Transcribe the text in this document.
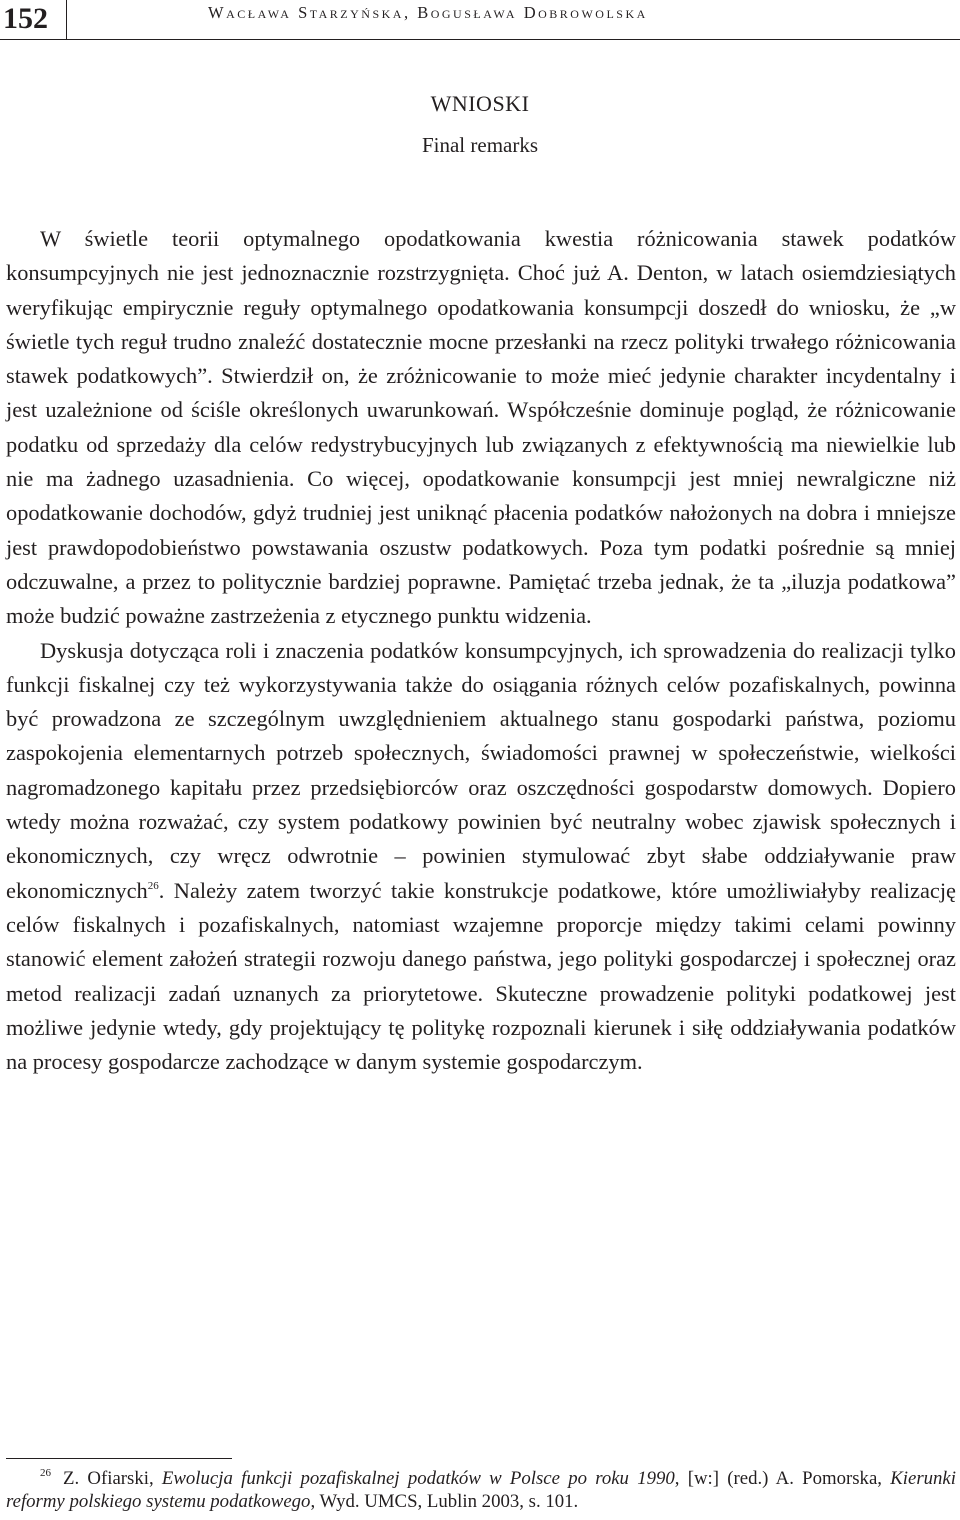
152	Wacława Starzyńska, Bogusława Dobrowolska
WNIOSKI
Final remarks

W świetle teorii optymalnego opodatkowania kwestia różnicowania stawek podatków konsumpcyjnych nie jest jednoznacznie rozstrzygnięta. Choć już A. Denton, w latach osiemdziesiątych weryfikując empirycznie reguły optymalnego opodatkowania konsumpcji doszedł do wniosku, że „w świetle tych reguł trudno znaleźć dostatecznie mocne przesłanki na rzecz polityki trwałego różnicowania stawek podatkowych”. Stwierdził on, że zróżnicowanie to może mieć jedynie charakter incydentalny i jest uzależnione od ściśle określonych uwarunkowań. Współcześnie dominuje pogląd, że różnicowanie podatku od sprzedaży dla celów redystrybucyjnych lub związanych z efektywnością ma niewielkie lub nie ma żadnego uzasadnienia. Co więcej, opodatkowanie konsumpcji jest mniej newralgiczne niż opodatkowanie dochodów, gdyż trudniej jest uniknąć płacenia podatków nałożonych na dobra i mniejsze jest prawdopodobieństwo powstawania oszustw podatkowych. Poza tym podatki pośrednie są mniej odczuwalne, a przez to politycznie bardziej poprawne. Pamiętać trzeba jednak, że ta „iluzja podatkowa” może budzić poważne zastrzeżenia z etycznego punktu widzenia.

Dyskusja dotycząca roli i znaczenia podatków konsumpcyjnych, ich sprowadzenia do realizacji tylko funkcji fiskalnej czy też wykorzystywania także do osiągania różnych celów pozafiskalnych, powinna być prowadzona ze szczególnym uwzględnieniem aktualnego stanu gospodarki państwa, poziomu zaspokojenia elementarnych potrzeb społecznych, świadomości prawnej w społeczeństwie, wielkości nagromadzonego kapitału przez przedsiębiorców oraz oszczędności gospodarstw domowych. Dopiero wtedy można rozważać, czy system podatkowy powinien być neutralny wobec zjawisk społecznych i ekonomicznych, czy wręcz odwrotnie – powinien stymulować zbyt słabe oddziaływanie praw ekonomicznych$^{26}$. Należy zatem tworzyć takie konstrukcje podatkowe, które umożliwiałyby realizację celów fiskalnych i pozafiskalnych, natomiast wzajemne proporcje między takimi celami powinny stanowić element założeń strategii rozwoju danego państwa, jego polityki gospodarczej i społecznej oraz metod realizacji zadań uznanych za priorytetowe. Skuteczne prowadzenie polityki podatkowej jest możliwe jedynie wtedy, gdy projektujący tę politykę rozpoznali kierunek i siłę oddziaływania podatków na procesy gospodarcze zachodzące w danym systemie gospodarczym.

$^{26}$ Z. Ofiarski, Ewolucja funkcji pozafiskalnej podatków w Polsce po roku 1990, [w:] (red.) A. Pomorska, Kierunki reformy polskiego systemu podatkowego, Wyd. UMCS, Lublin 2003, s. 101.
